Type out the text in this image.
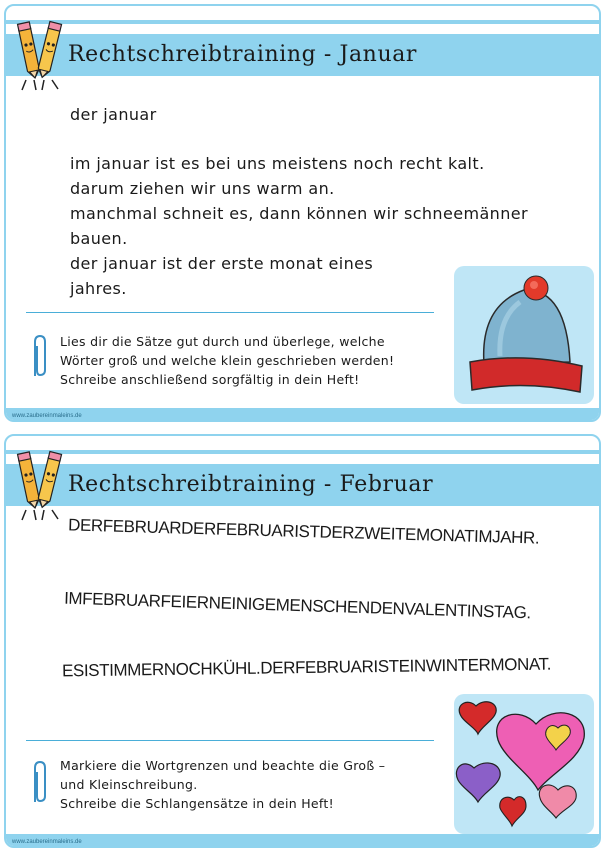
Rechtschreibtraining - Januar
der januar
im januar ist es bei uns meistens noch recht kalt.
darum ziehen wir uns warm an.
manchmal schneit es, dann können wir schneemänner
bauen.
der januar ist der erste monat eines
jahres.
Lies dir die Sätze gut durch und überlege, welche
Wörter groß und welche klein geschrieben werden!
Schreibe anschließend sorgfältig in dein Heft!
www.zaubereinmaleins.de
Rechtschreibtraining - Februar
DERFEBRUARDERFEBRUARISTDERZWEITEMONATIMJAHR.
IMFEBRUARFEIERNEINIGEMENSCHENDENVALENTINSTAG.
ESISTIMMERNOCHKÜHL.DERFEBRUARISTEINWINTERMONAT.
Markiere die Wortgrenzen und beachte die Groß –
und Kleinschreibung.
Schreibe die Schlangensätze in dein Heft!
www.zaubereinmaleins.de
